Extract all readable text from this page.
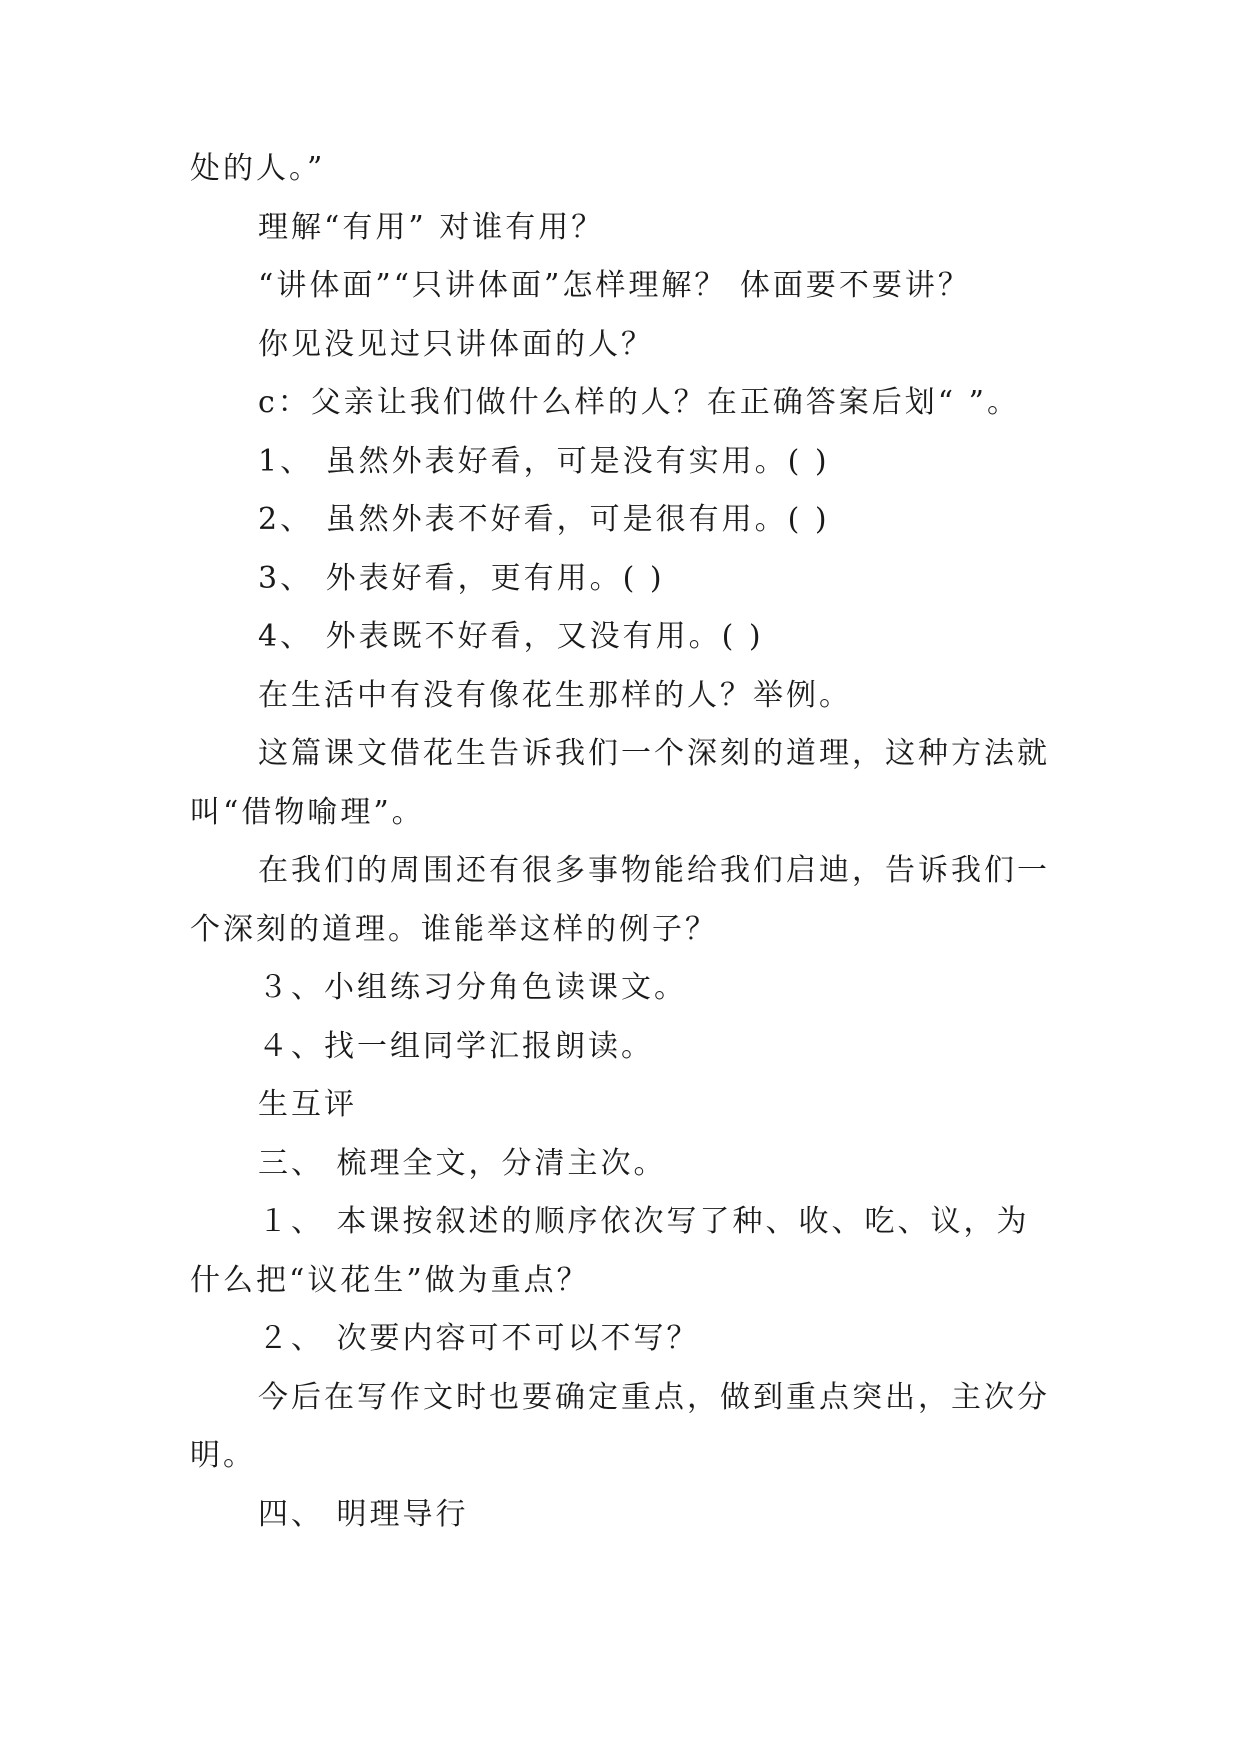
处的人。”

理解“有用” 对谁有用？

“讲体面”“只讲体面”怎样理解？ 体面要不要讲？

你见没见过只讲体面的人？

c：父亲让我们做什么样的人？在正确答案后划“ ”。

1、 虽然外表好看，可是没有实用。( )

2、 虽然外表不好看，可是很有用。( )

3、 外表好看，更有用。( )

4、 外表既不好看，又没有用。( )

在生活中有没有像花生那样的人？举例。

这篇课文借花生告诉我们一个深刻的道理，这种方法就叫“借物喻理”。

在我们的周围还有很多事物能给我们启迪，告诉我们一个深刻的道理。谁能举这样的例子？

３、小组练习分角色读课文。

４、找一组同学汇报朗读。

生互评

三、 梳理全文，分清主次。

１、 本课按叙述的顺序依次写了种、收、吃、议，为什么把“议花生”做为重点？

２、 次要内容可不可以不写？

今后在写作文时也要确定重点，做到重点突出，主次分明。

四、 明理导行
